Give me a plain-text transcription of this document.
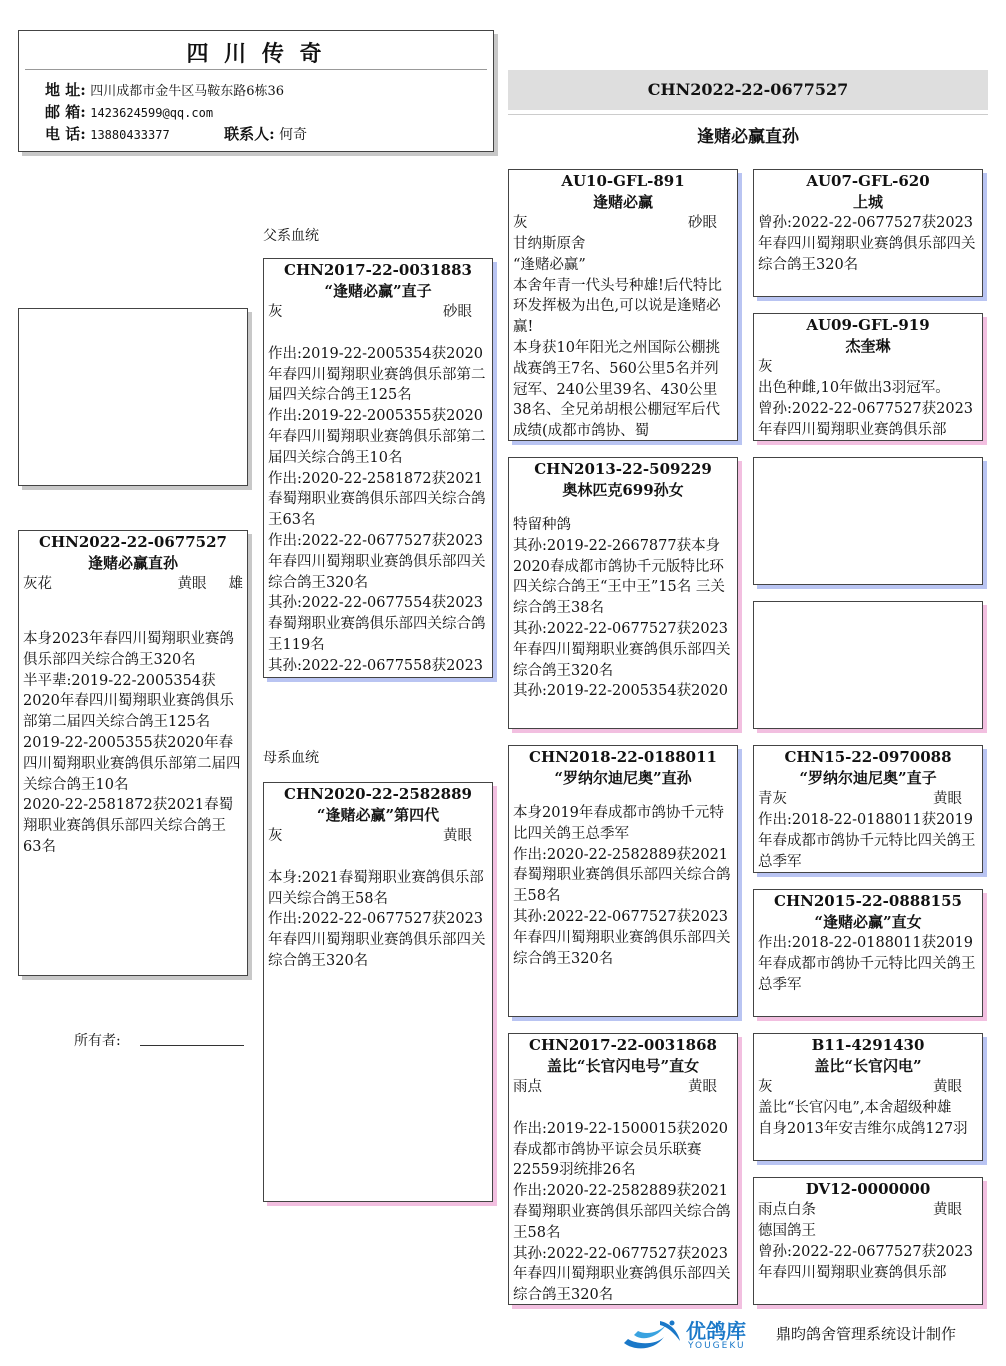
四 川 传 奇
地 址: 四川成都市金牛区马鞍东路6栋36
邮 箱: 1423624599@qq.com
电 话: 13880433377	联系人: 何奇
CHN2022-22-0677527
逢赌必赢直孙
父系血统
母系血统
CHN2022-22-0677527
逢赌必赢直孙
灰花	黄眼 雄
本身2023年春四川蜀翔职业赛鸽俱乐部四关综合鸽王320名
半平辈:2019-22-2005354获2020年春四川蜀翔职业赛鸽俱乐部第二届四关综合鸽王125名
2019-22-2005355获2020年春四川蜀翔职业赛鸽俱乐部第二届四关综合鸽王10名
2020-22-2581872获2021春蜀翔职业赛鸽俱乐部四关综合鸽王63名
所有者:
CHN2017-22-0031883
“逢赌必赢”直子
灰	砂眼

作出:2019-22-2005354获2020年春四川蜀翔职业赛鸽俱乐部第二届四关综合鸽王125名
作出:2019-22-2005355获2020年春四川蜀翔职业赛鸽俱乐部第二届四关综合鸽王10名
作出:2020-22-2581872获2021春蜀翔职业赛鸽俱乐部四关综合鸽王63名
作出:2022-22-0677527获2023年春四川蜀翔职业赛鸽俱乐部四关综合鸽王320名
其孙:2022-22-0677554获2023春蜀翔职业赛鸽俱乐部四关综合鸽王119名
其孙:2022-22-0677558获2023
CHN2020-22-2582889
“逢赌必赢”第四代
灰	黄眼

本身:2021春蜀翔职业赛鸽俱乐部四关综合鸽王58名
作出:2022-22-0677527获2023年春四川蜀翔职业赛鸽俱乐部四关综合鸽王320名
AU10-GFL-891
逢赌必赢
灰	砂眼
甘纳斯原舍
“逢赌必赢”
本舍年青一代头号种雄!后代特比环发挥极为出色,可以说是逢赌必赢!
本身获10年阳光之州国际公棚挑战赛鸽王7名、560公里5名并列冠军、240公里39名、430公里38名、全兄弟胡根公棚冠军后代成绩(成都市鸽协、蜀
CHN2013-22-509229
奥林匹克699孙女
特留种鸽
其孙:2019-22-2667877获本身2020春成都市鸽协千元版特比环四关综合鸽王“王中王”15名 三关综合鸽王38名
其孙:2022-22-0677527获2023年春四川蜀翔职业赛鸽俱乐部四关综合鸽王320名
其孙:2019-22-2005354获2020
CHN2018-22-0188011
“罗纳尔迪尼奥”直孙
本身2019年春成都市鸽协千元特比四关鸽王总季军
作出:2020-22-2582889获2021春蜀翔职业赛鸽俱乐部四关综合鸽王58名
其孙:2022-22-0677527获2023年春四川蜀翔职业赛鸽俱乐部四关综合鸽王320名
CHN2017-22-0031868
盖比“长官闪电号”直女
雨点	黄眼

作出:2019-22-1500015获2020春成都市鸽协平谅会员乐联赛22559羽统排26名
作出:2020-22-2582889获2021春蜀翔职业赛鸽俱乐部四关综合鸽王58名
其孙:2022-22-0677527获2023年春四川蜀翔职业赛鸽俱乐部四关综合鸽王320名
AU07-GFL-620
上城
曾孙:2022-22-0677527获2023年春四川蜀翔职业赛鸽俱乐部四关综合鸽王320名
AU09-GFL-919
杰奎琳
灰
出色种雌,10年做出3羽冠军。
曾孙:2022-22-0677527获2023年春四川蜀翔职业赛鸽俱乐部
CHN15-22-0970088
“罗纳尔迪尼奥”直子
青灰	黄眼
作出:2018-22-0188011获2019年春成都市鸽协千元特比四关鸽王总季军
CHN2015-22-0888155
“逢赌必赢”直女
作出:2018-22-0188011获2019年春成都市鸽协千元特比四关鸽王总季军
B11-4291430
盖比“长官闪电”
灰	黄眼
盖比“长官闪电”,本舍超级种雄
自身2013年安吉维尔成鸽127羽
DV12-0000000
雨点白条	黄眼
德国鸽王
曾孙:2022-22-0677527获2023年春四川蜀翔职业赛鸽俱乐部
优鸽库
YOUGEKU
鼎昀鸽舍管理系统设计制作
